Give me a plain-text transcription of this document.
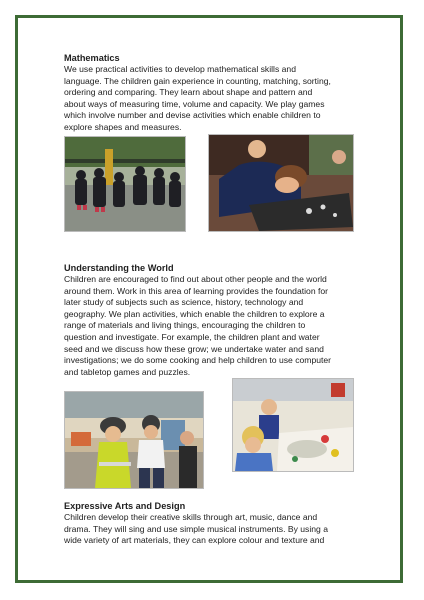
Mathematics

We use practical activities to develop mathematical skills and

language. The children gain experience in counting, matching, sorting,

ordering and comparing. They learn about shape and pattern and

about ways of measuring time, volume and capacity. We play games

which involve number and devise activities which enable children to

explore shapes and measures.

Understanding the World

Children are encouraged to find out about other people and the world

around them. Work in this area of learning provides the foundation for

later study of subjects such as science, history, technology and

geography. We plan activities, which enable the children to explore a

range of materials and living things, encouraging the children to

question and investigate. For example, the children plant and water

seed and we discuss how these grow; we undertake water and sand

investigations; we do some cooking and help children to use computer

and tabletop games and puzzles.

Expressive Arts and Design

Children develop their creative skills through art, music, dance and

drama. They will sing and use simple musical instruments. By using a

wide variety of art materials, they can explore colour and texture and
